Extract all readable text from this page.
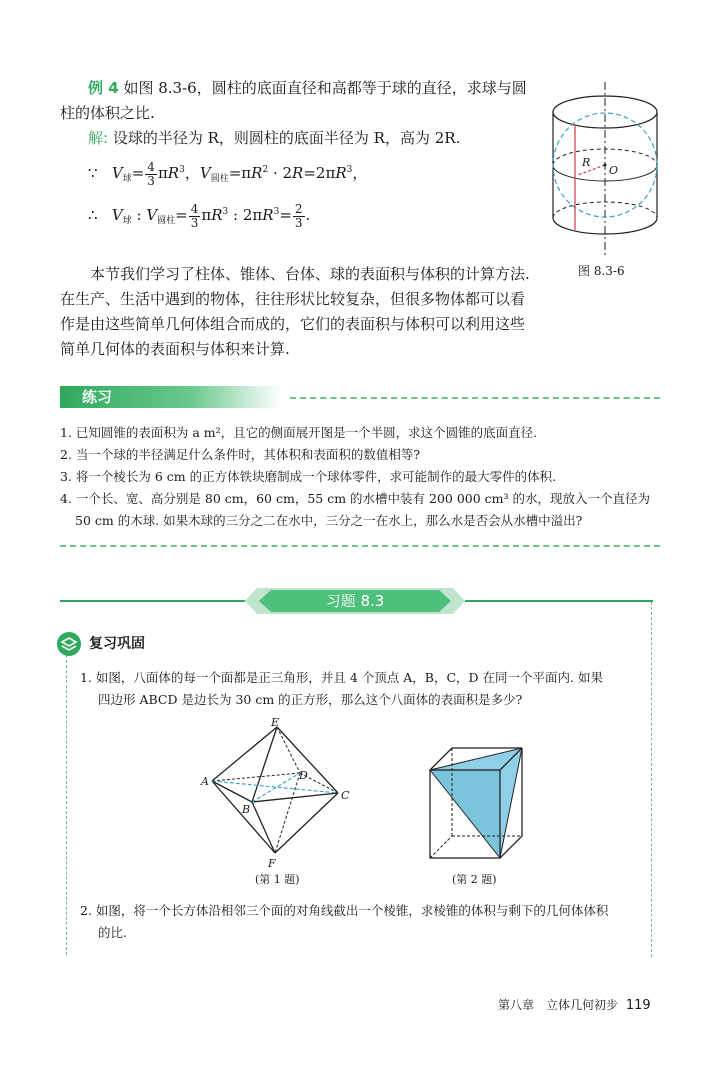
例 4 如图 8.3-6，圆柱的底面直径和高都等于球的直径，求球与圆
柱的体积之比.
解: 设球的半径为 R，则圆柱的底面半径为 R，高为 2R.
∵ $V_球= \frac{4}{3} \pi R^3$，$V_{圆柱}=\pi R^2 \cdot 2R=2\pi R^3$，
∴ $V_球$ : $V_{圆柱}= \frac{4}{3} \pi R^3$ : $2\pi R^3= \frac{2}{3}$ .
R
O
图 8.3-6
本节我们学习了柱体、锥体、台体、球的表面积与体积的计算方法.
在生产、生活中遇到的物体，往往形状比较复杂，但很多物体都可以看
作是由这些简单几何体组合而成的，它们的表面积与体积可以利用这些
简单几何体的表面积与体积来计算.
练习
1. 已知圆锥的表面积为 a m²，且它的侧面展开图是一个半圆，求这个圆锥的底面直径.
2. 当一个球的半径满足什么条件时，其体积和表面积的数值相等?
3. 将一个棱长为 6 cm 的正方体铁块磨制成一个球体零件，求可能制作的最大零件的体积.
4. 一个长、宽、高分别是 80 cm，60 cm，55 cm 的水槽中装有 200 000 cm³ 的水，现放入一个直径为
50 cm 的木球. 如果木球的三分之二在水中，三分之一在水上，那么水是否会从水槽中溢出?
习题 8.3
复习巩固
1. 如图，八面体的每一个面都是正三角形，并且 4 个顶点 A，B，C，D 在同一个平面内. 如果
四边形 ABCD 是边长为 30 cm 的正方形，那么这个八面体的表面积是多少?
E
A	D
B
C
F
(第 1 题)	(第 2 题)
2. 如图，将一个长方体沿相邻三个面的对角线截出一个棱锥，求棱锥的体积与剩下的几何体体积
的比.
第八章　立体几何初步 119
